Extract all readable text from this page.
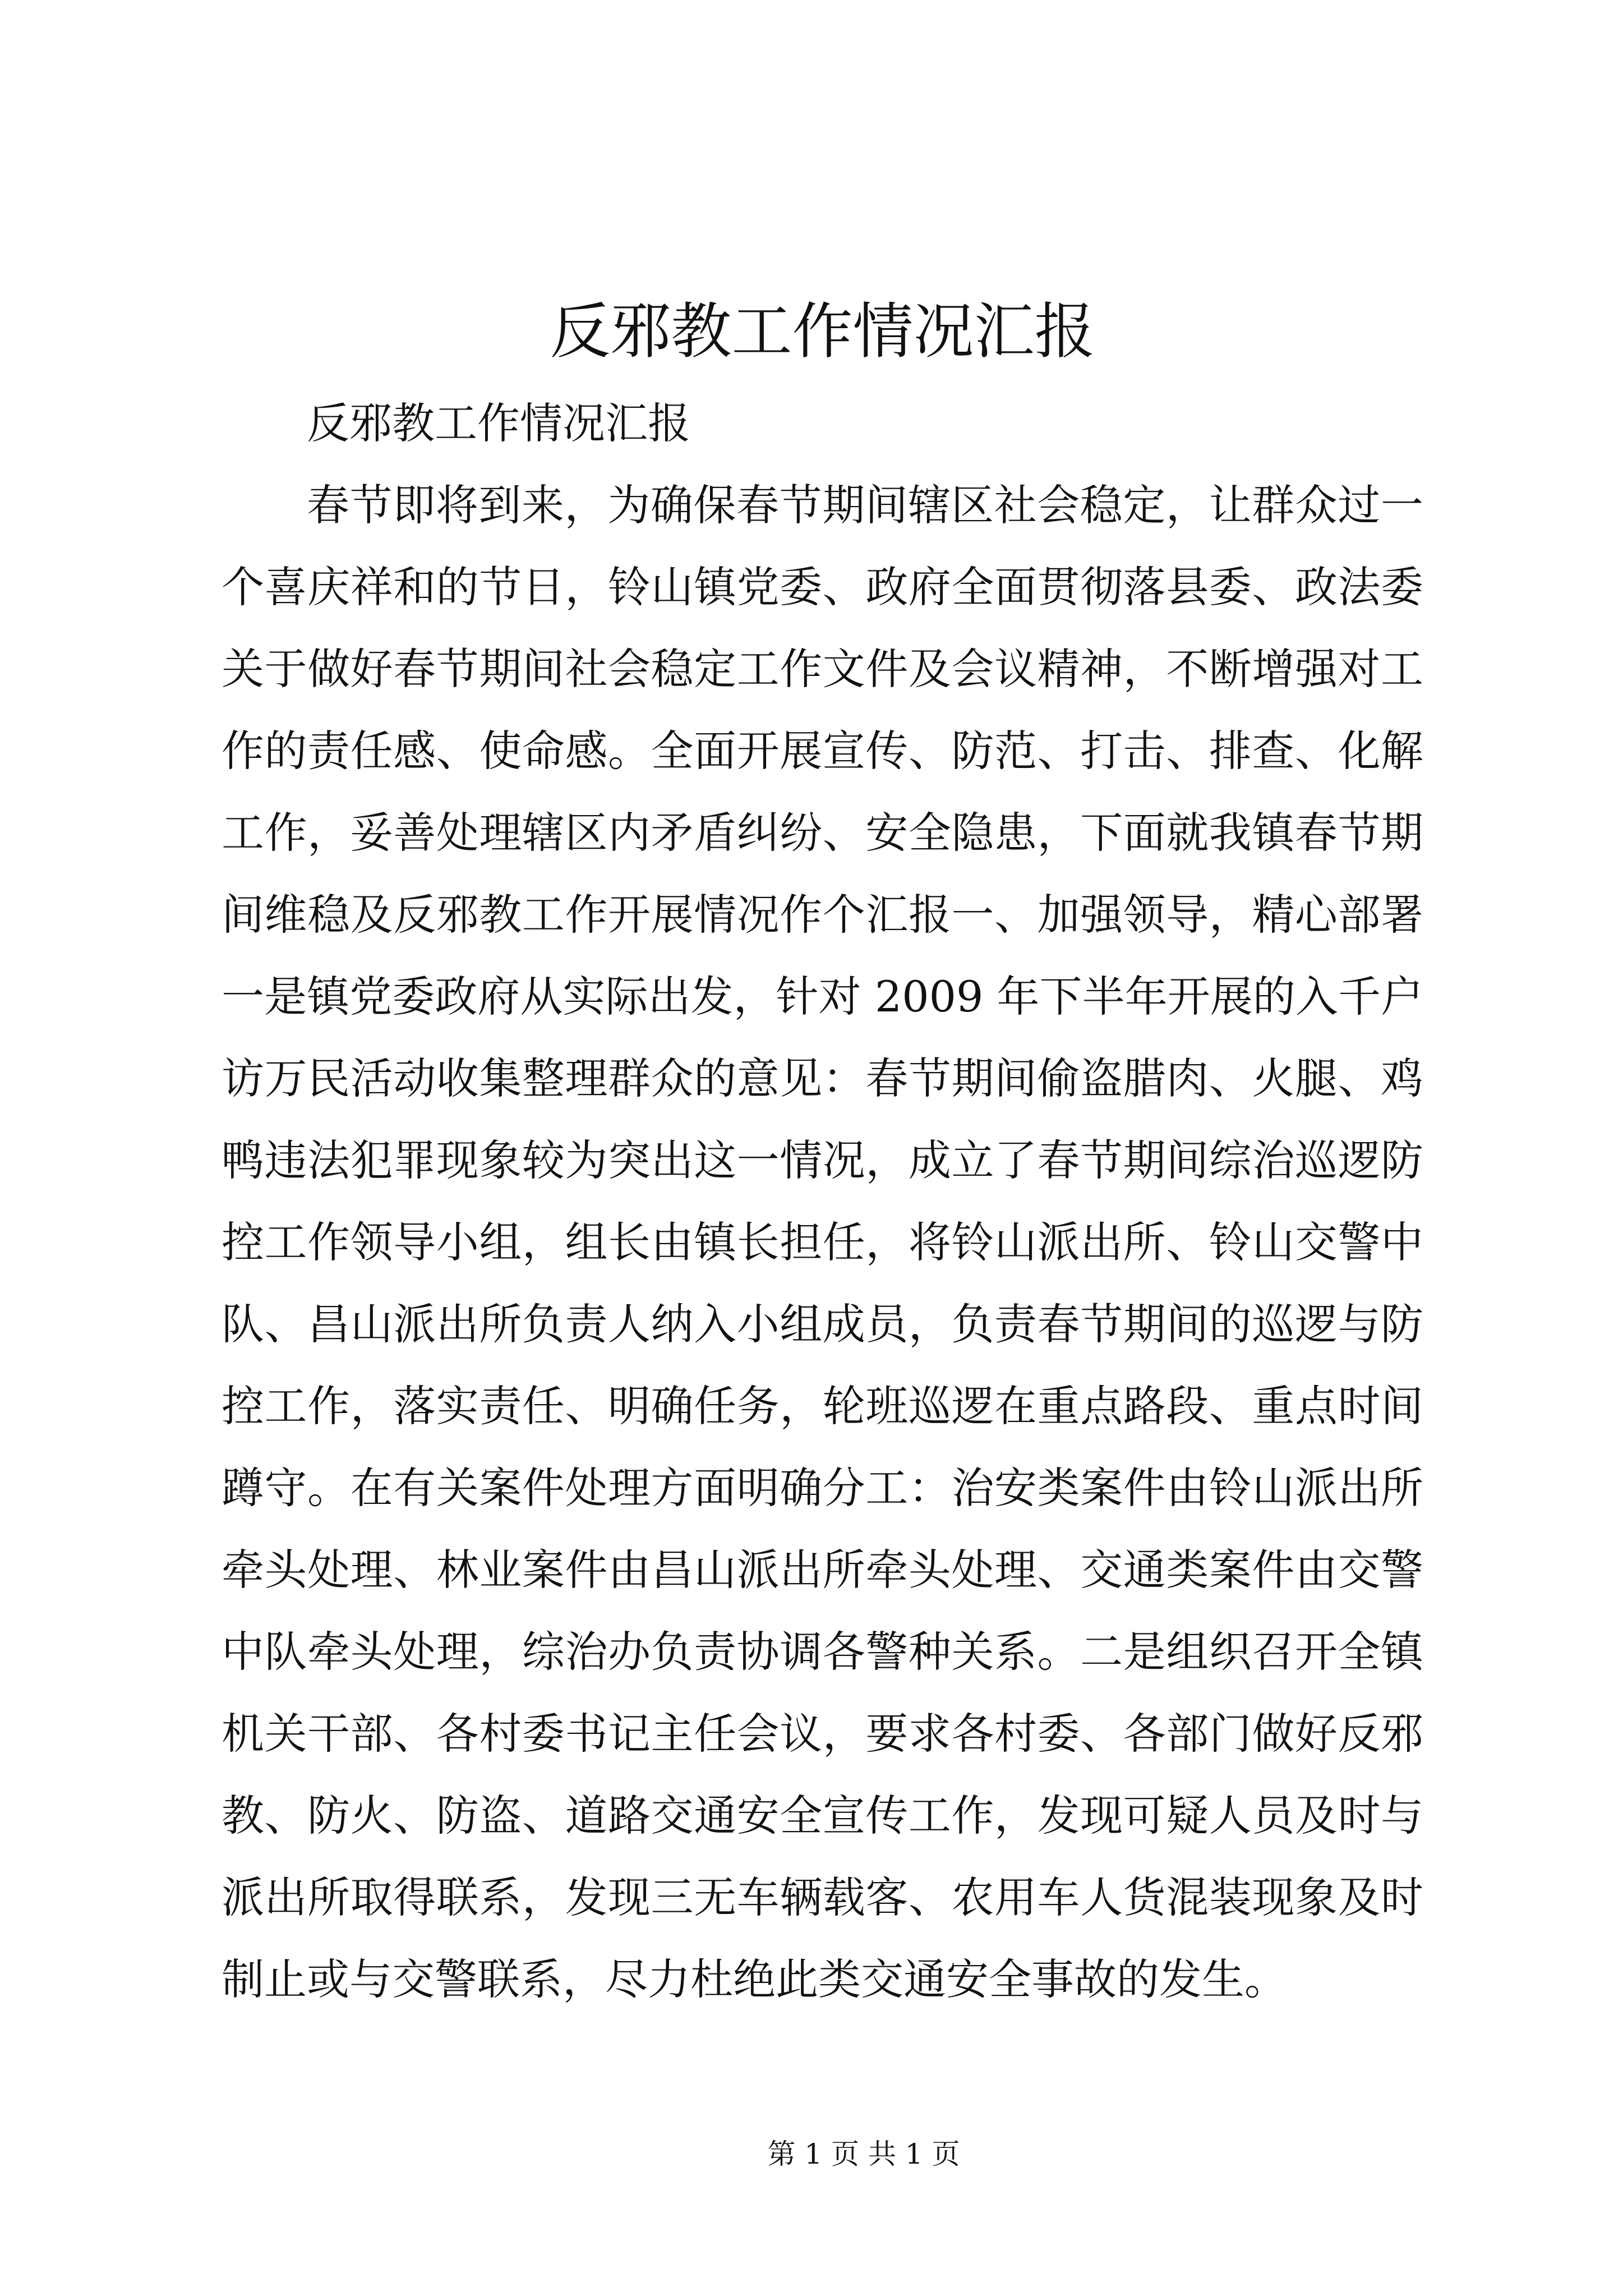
反邪教工作情况汇报
反邪教工作情况汇报
春节即将到来，为确保春节期间辖区社会稳定，让群众过一
个喜庆祥和的节日，铃山镇党委、政府全面贯彻落县委、政法委
关于做好春节期间社会稳定工作文件及会议精神，不断增强对工
作的责任感、使命感。全面开展宣传、防范、打击、排查、化解
工作，妥善处理辖区内矛盾纠纷、安全隐患，下面就我镇春节期
间维稳及反邪教工作开展情况作个汇报一、加强领导，精心部署
一是镇党委政府从实际出发，针对 2009 年下半年开展的入千户
访万民活动收集整理群众的意见：春节期间偷盗腊肉、火腿、鸡
鸭违法犯罪现象较为突出这一情况，成立了春节期间综治巡逻防
控工作领导小组，组长由镇长担任，将铃山派出所、铃山交警中
队、昌山派出所负责人纳入小组成员，负责春节期间的巡逻与防
控工作，落实责任、明确任务，轮班巡逻在重点路段、重点时间
蹲守。在有关案件处理方面明确分工：治安类案件由铃山派出所
牵头处理、林业案件由昌山派出所牵头处理、交通类案件由交警
中队牵头处理，综治办负责协调各警种关系。二是组织召开全镇
机关干部、各村委书记主任会议，要求各村委、各部门做好反邪
教、防火、防盗、道路交通安全宣传工作，发现可疑人员及时与
派出所取得联系，发现三无车辆载客、农用车人货混装现象及时
制止或与交警联系，尽力杜绝此类交通安全事故的发生。
第 1 页 共 1 页
